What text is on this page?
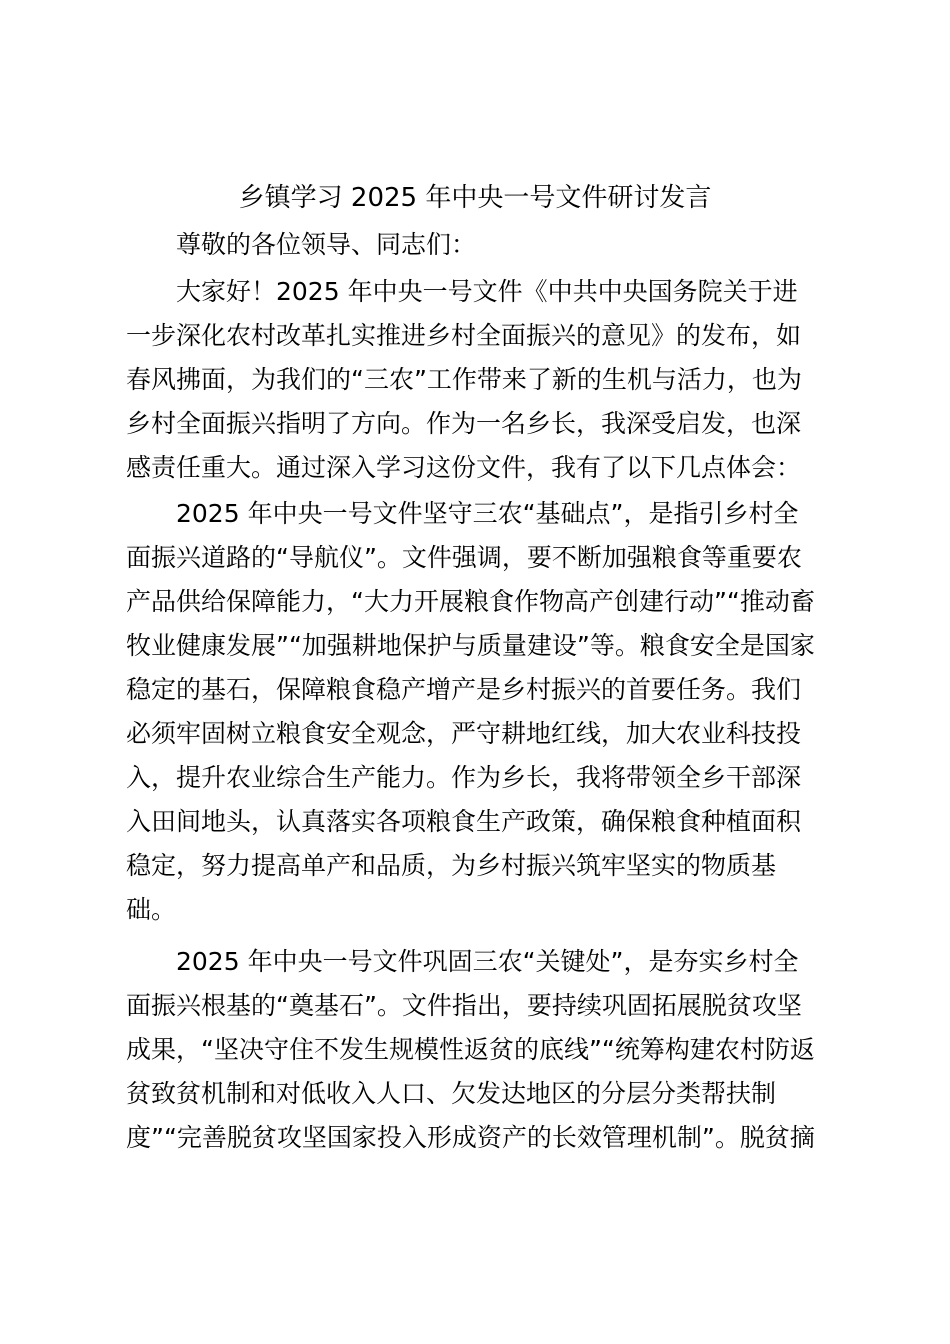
乡镇学习 2025 年中央一号文件研讨发言
尊敬的各位领导、同志们：
大家好！2025 年中央一号文件《中共中央国务院关于进
一步深化农村改革扎实推进乡村全面振兴的意见》的发布，如
春风拂面，为我们的“三农”工作带来了新的生机与活力，也为
乡村全面振兴指明了方向。作为一名乡长，我深受启发，也深
感责任重大。通过深入学习这份文件，我有了以下几点体会：
2025 年中央一号文件坚守三农“基础点”，是指引乡村全
面振兴道路的“导航仪”。文件强调，要不断加强粮食等重要农
产品供给保障能力，“大力开展粮食作物高产创建行动”“推动畜
牧业健康发展”“加强耕地保护与质量建设”等。粮食安全是国家
稳定的基石，保障粮食稳产增产是乡村振兴的首要任务。我们
必须牢固树立粮食安全观念，严守耕地红线，加大农业科技投
入，提升农业综合生产能力。作为乡长，我将带领全乡干部深
入田间地头，认真落实各项粮食生产政策，确保粮食种植面积
稳定，努力提高单产和品质，为乡村振兴筑牢坚实的物质基
础。
2025 年中央一号文件巩固三农“关键处”，是夯实乡村全
面振兴根基的“奠基石”。文件指出，要持续巩固拓展脱贫攻坚
成果，“坚决守住不发生规模性返贫的底线”“统筹构建农村防返
贫致贫机制和对低收入人口、欠发达地区的分层分类帮扶制
度”“完善脱贫攻坚国家投入形成资产的长效管理机制”。脱贫摘
